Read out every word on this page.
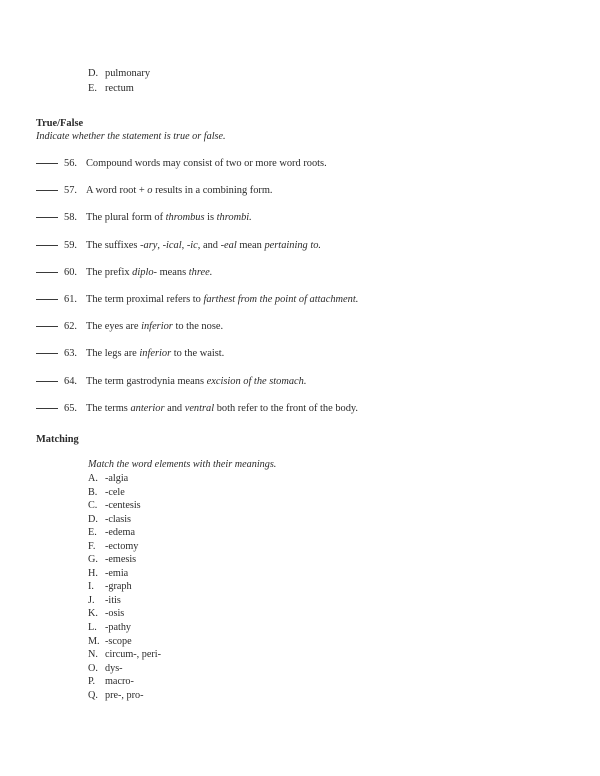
D. pulmonary
E. rectum
True/False
Indicate whether the statement is true or false.
56. Compound words may consist of two or more word roots.
57. A word root + o results in a combining form.
58. The plural form of thrombus is thrombi.
59. The suffixes -ary, -ical, -ic, and -eal mean pertaining to.
60. The prefix diplo- means three.
61. The term proximal refers to farthest from the point of attachment.
62. The eyes are inferior to the nose.
63. The legs are inferior to the waist.
64. The term gastrodynia means excision of the stomach.
65. The terms anterior and ventral both refer to the front of the body.
Matching
Match the word elements with their meanings.
A. -algia
B. -cele
C. -centesis
D. -clasis
E. -edema
F. -ectomy
G. -emesis
H. -emia
I.	-graph
J.	-itis
K. -osis
L. -pathy
M. -scope
N. circum-, peri-
O. dys-
P. macro-
Q. pre-, pro-
